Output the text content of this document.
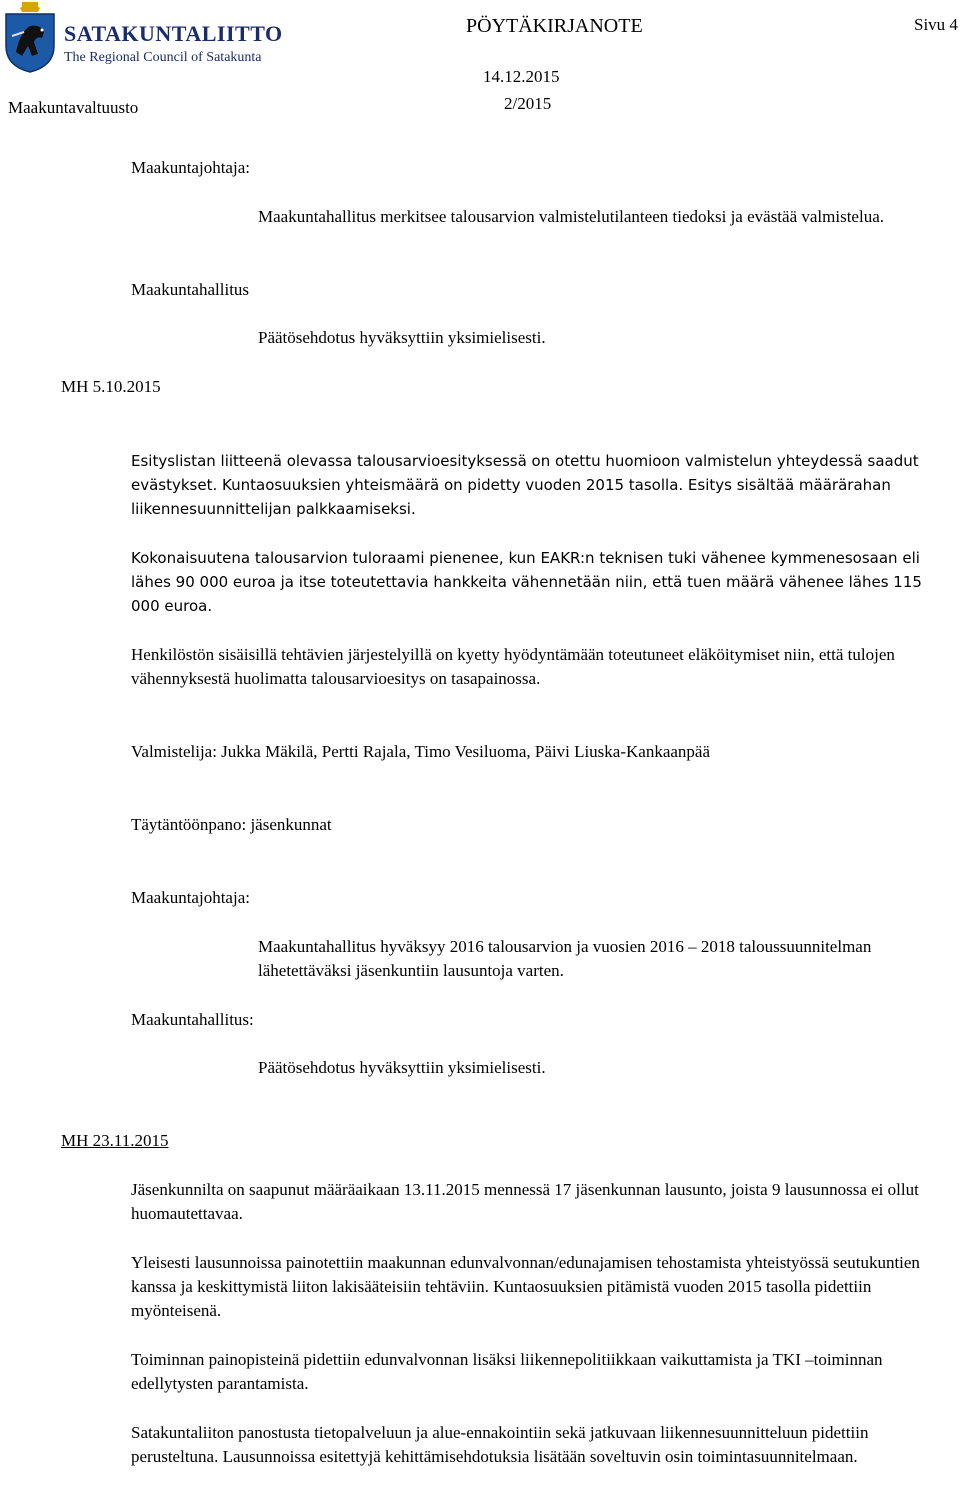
SATAKUNTALIITTO
The Regional Council of Satakunta
PÖYTÄKIRJANOTE	Sivu 4
14.12.2015
2/2015
Maakuntavaltuusto
Maakuntajohtaja:

Maakuntahallitus merkitsee talousarvion valmistelutilanteen tiedoksi ja evästää valmistelua.

Maakuntahallitus
Päätösehdotus hyväksyttiin yksimielisesti.
MH 5.10.2015

Esityslistan liitteenä olevassa talousarvioesityksessä on otettu huomioon valmistelun yhteydessä saadut evästykset. Kuntaosuuksien yhteismäärä on pidetty vuoden 2015 tasolla. Esitys sisältää määrärahan liikennesuunnittelijan palkkaamiseksi.

Kokonaisuutena talousarvion tuloraami pienenee, kun EAKR:n teknisen tuki vähenee kymmenesosaan eli lähes 90 000 euroa ja itse toteutettavia hankkeita vähennetään niin, että tuen määrä vähenee lähes 115 000 euroa.

Henkilöstön sisäisillä tehtävien järjestelyillä on kyetty hyödyntämään toteutuneet eläköitymiset niin, että tulojen vähennyksestä huolimatta talousarvioesitys on tasapainossa.

Valmistelija: Jukka Mäkilä, Pertti Rajala, Timo Vesiluoma, Päivi Liuska-Kankaanpää
Täytäntöönpano: jäsenkunnat
Maakuntajohtaja:

Maakuntahallitus hyväksyy 2016 talousarvion ja vuosien 2016 – 2018 taloussuunnitelman lähetettäväksi jäsenkuntiin lausuntoja varten.

Maakuntahallitus:
Päätösehdotus hyväksyttiin yksimielisesti.
MH 23.11.2015

Jäsenkunnilta on saapunut määräaikaan 13.11.2015 mennessä 17 jäsenkunnan lausunto, joista 9 lausunnossa ei ollut huomautettavaa.

Yleisesti lausunnoissa painotettiin maakunnan edunvalvonnan/edunajamisen tehostamista yhteistyössä seutukuntien kanssa ja keskittymistä liiton lakisääteisiin tehtäviin. Kuntaosuuksien pitämistä vuoden 2015 tasolla pidettiin myönteisenä.

Toiminnan painopisteinä pidettiin edunvalvonnan lisäksi liikennepolitiikkaan vaikuttamista ja TKI –toiminnan edellytysten parantamista.

Satakuntaliiton panostusta tietopalveluun ja alue-ennakointiin sekä jatkuvaan liikennesuunnitteluun pidettiin perusteltuna. Lausunnoissa esitettyjä kehittämisehdotuksia lisätään soveltuvin osin toimintasuunnitelmaan.
